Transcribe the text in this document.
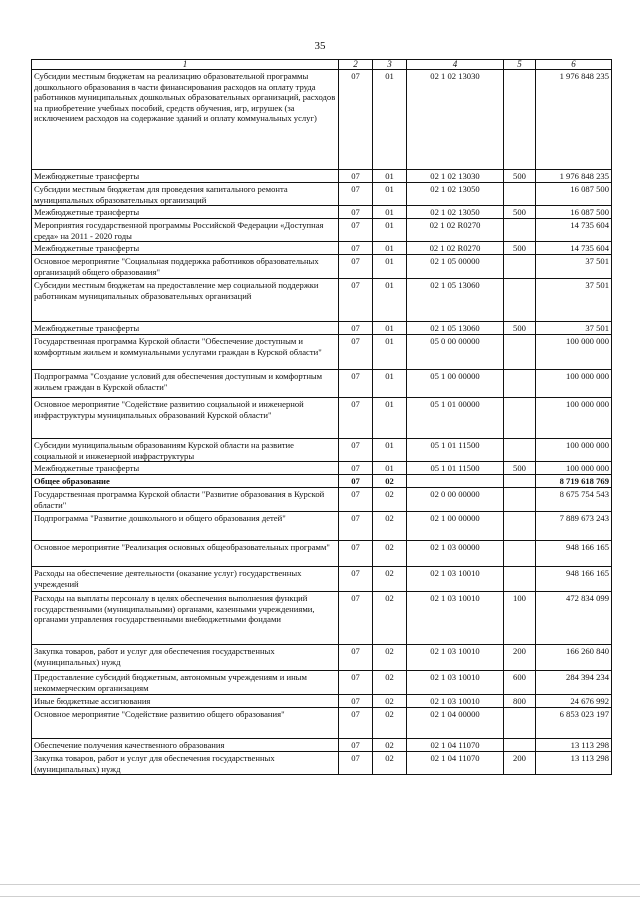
35
1	2	3	4	5	6
Субсидии местным бюджетам на реализацию образовательной программы дошкольного образования в части финансирования расходов на оплату труда работников муниципальных дошкольных образовательных организаций, расходов на приобретение учебных пособий, средств обучения, игр, игрушек (за исключением расходов на содержание зданий и оплату коммунальных услуг)	07	01	02 1 02 13030		1 976 848 235
Межбюджетные трансферты	07	01	02 1 02 13030	500	1 976 848 235
Субсидии местным бюджетам для проведения капитального ремонта муниципальных образовательных организаций	07	01	02 1 02 13050		16 087 500
Межбюджетные трансферты	07	01	02 1 02 13050	500	16 087 500
Мероприятия государственной программы Российской Федерации «Доступная среда» на 2011 - 2020 годы	07	01	02 1 02 R0270		14 735 604
Межбюджетные трансферты	07	01	02 1 02 R0270	500	14 735 604
Основное мероприятие "Социальная поддержка работников образовательных организаций общего образования"	07	01	02 1 05 00000		37 501
Субсидии местным бюджетам на предоставление мер социальной поддержки работникам муниципальных образовательных организаций	07	01	02 1 05 13060		37 501
Межбюджетные трансферты	07	01	02 1 05 13060	500	37 501
Государственная программа Курской области "Обеспечение доступным и комфортным жильем и коммунальными услугами граждан в Курской области"	07	01	05 0 00 00000		100 000 000
Подпрограмма "Создание условий для обеспечения доступным и комфортным жильем граждан в Курской области"	07	01	05 1 00 00000		100 000 000
Основное мероприятие "Содействие развитию социальной и инженерной инфраструктуры муниципальных образований Курской области"	07	01	05 1 01 00000		100 000 000
Субсидии муниципальным образованиям Курской области на развитие социальной и инженерной инфраструктуры	07	01	05 1 01 11500		100 000 000
Межбюджетные трансферты	07	01	05 1 01 11500	500	100 000 000
Общее образование	07	02			8 719 618 769
Государственная программа Курской области "Развитие образования в Курской области"	07	02	02 0 00 00000		8 675 754 543
Подпрограмма "Развитие дошкольного и общего образования детей"	07	02	02 1 00 00000		7 889 673 243
Основное мероприятие "Реализация основных общеобразовательных программ"	07	02	02 1 03 00000		948 166 165
Расходы на обеспечение деятельности (оказание услуг) государственных учреждений	07	02	02 1 03 10010		948 166 165
Расходы на выплаты персоналу в целях обеспечения выполнения функций государственными (муниципальными) органами, казенными учреждениями, органами управления государственными внебюджетными фондами	07	02	02 1 03 10010	100	472 834 099
Закупка товаров, работ и услуг для обеспечения государственных (муниципальных) нужд	07	02	02 1 03 10010	200	166 260 840
Предоставление субсидий бюджетным, автономным учреждениям и иным некоммерческим организациям	07	02	02 1 03 10010	600	284 394 234
Иные бюджетные ассигнования	07	02	02 1 03 10010	800	24 676 992
Основное мероприятие "Содействие развитию общего образования"	07	02	02 1 04 00000		6 853 023 197
Обеспечение получения качественного образования	07	02	02 1 04 11070		13 113 298
Закупка товаров, работ и услуг для обеспечения государственных (муниципальных) нужд	07	02	02 1 04 11070	200	13 113 298
